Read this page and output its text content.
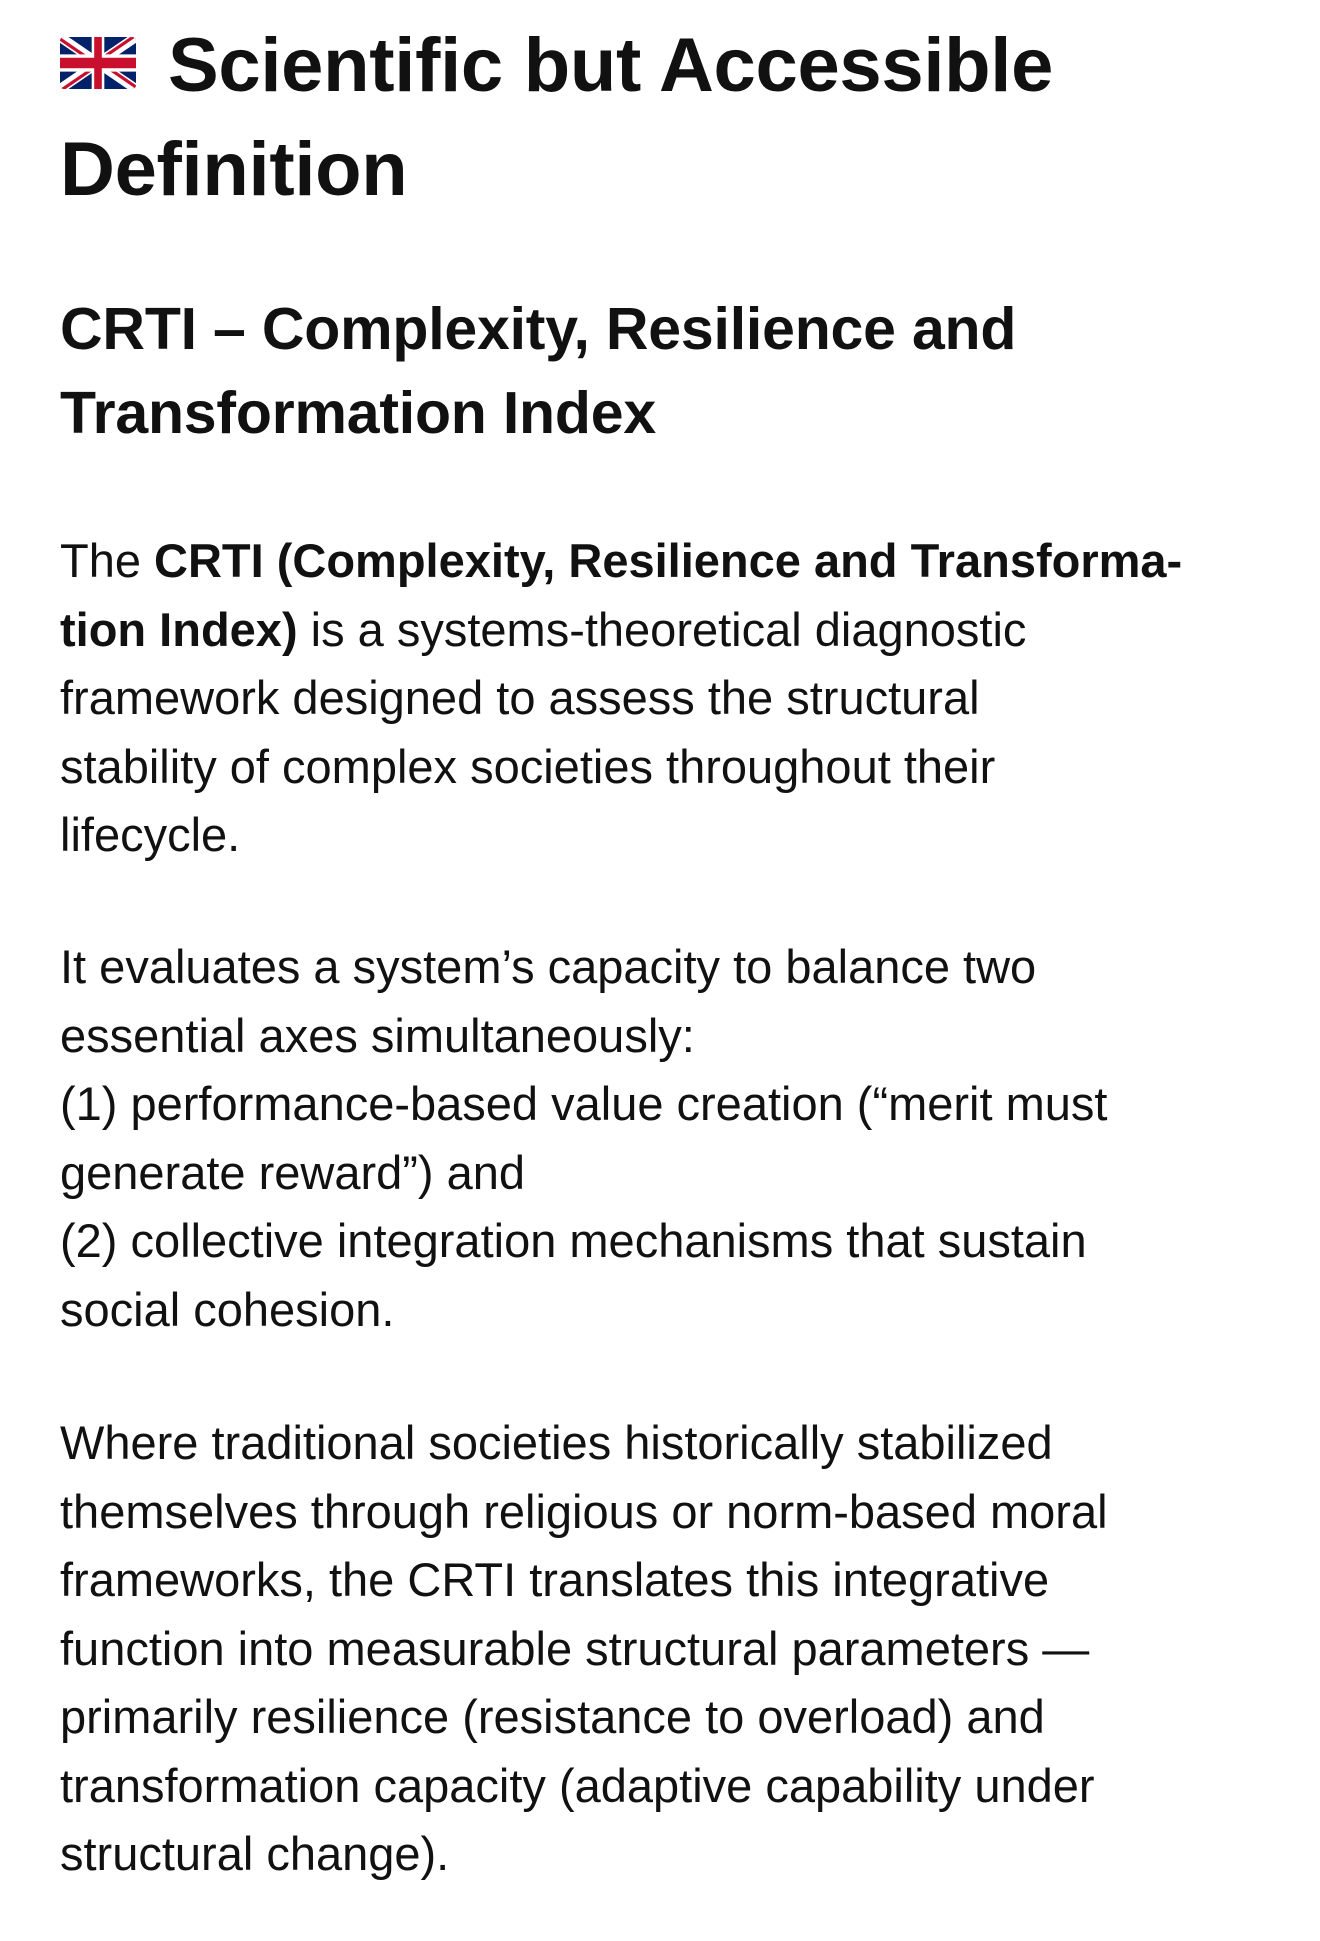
Scientific but Accessible
Definition
CRTI – Complexity, Resilience and
Transformation Index

The CRTI (Complexity, Resilience and Transforma-
tion Index) is a systems-theoretical diagnostic
framework designed to assess the structural
stability of complex societies throughout their
lifecycle.

It evaluates a system’s capacity to balance two
essential axes simultaneously:
(1) performance-based value creation (“merit must
generate reward”) and
(2) collective integration mechanisms that sustain
social cohesion.

Where traditional societies historically stabilized
themselves through religious or norm-based moral
frameworks, the CRTI translates this integrative
function into measurable structural parameters —
primarily resilience (resistance to overload) and
transformation capacity (adaptive capability under
structural change).
